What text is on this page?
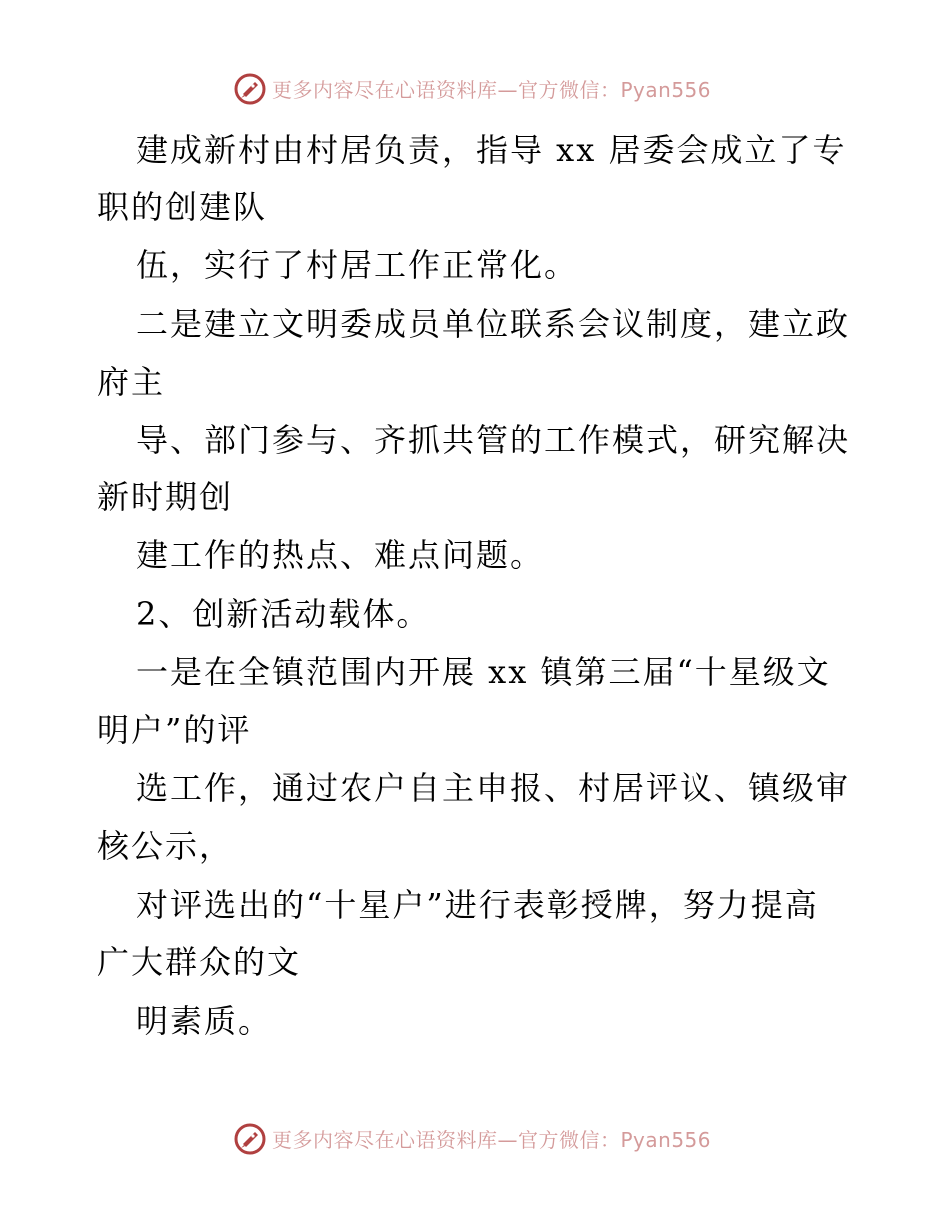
更多内容尽在心语资料库—官方微信：Pyan556
建成新村由村居负责，指导 xx 居委会成立了专
职的创建队
伍，实行了村居工作正常化。
二是建立文明委成员单位联系会议制度，建立政
府主
导、部门参与、齐抓共管的工作模式，研究解决
新时期创
建工作的热点、难点问题。
2、创新活动载体。
一是在全镇范围内开展 xx 镇第三届“十星级文
明户”的评
选工作，通过农户自主申报、村居评议、镇级审
核公示，
对评选出的“十星户”进行表彰授牌，努力提高
广大群众的文
明素质。
更多内容尽在心语资料库—官方微信：Pyan556
